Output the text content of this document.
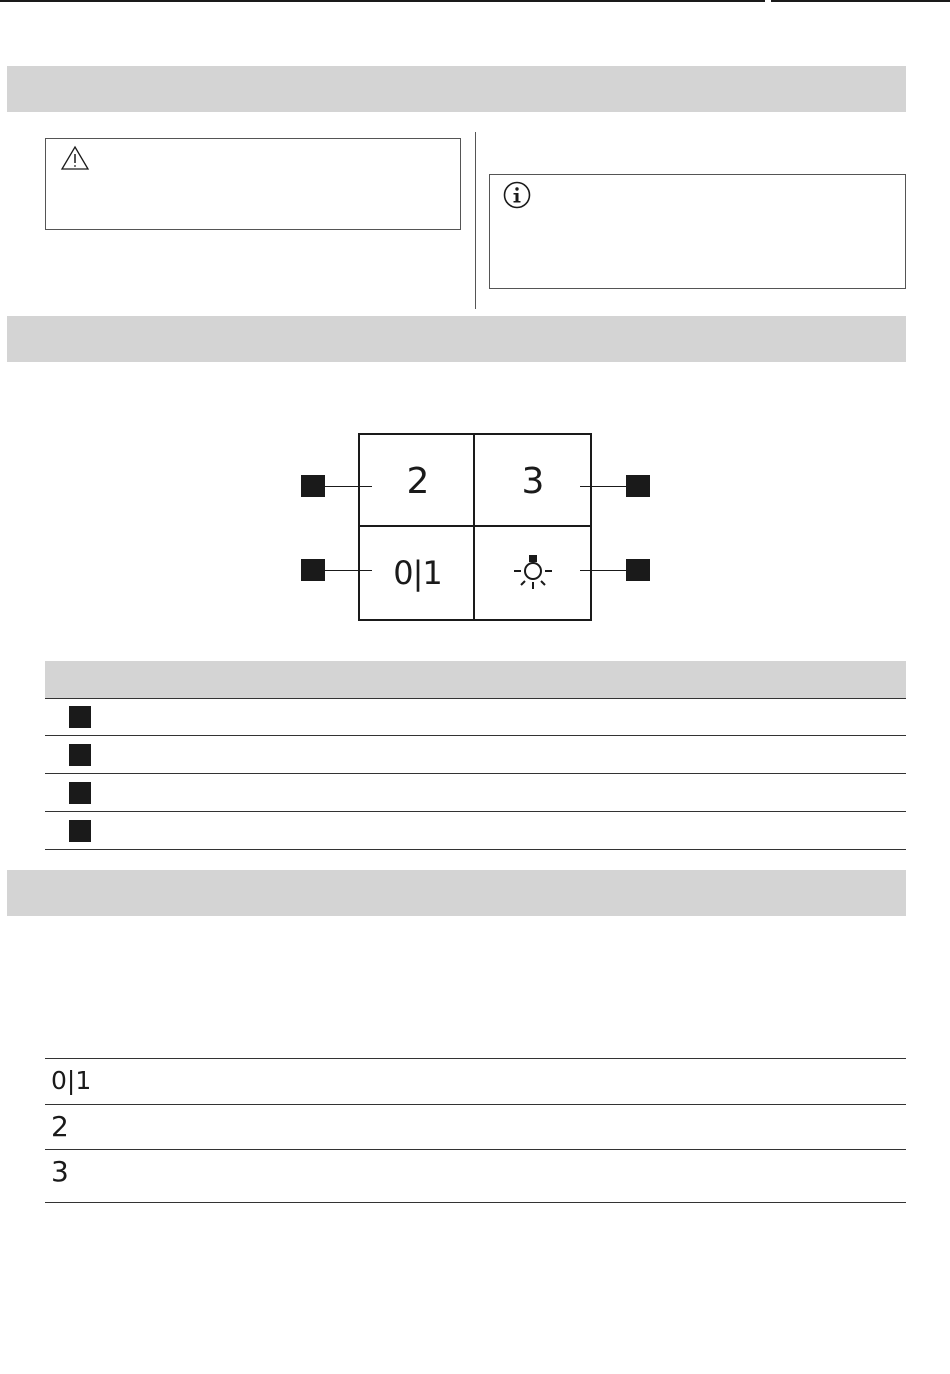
2	3
0|1
0|1
2
3
